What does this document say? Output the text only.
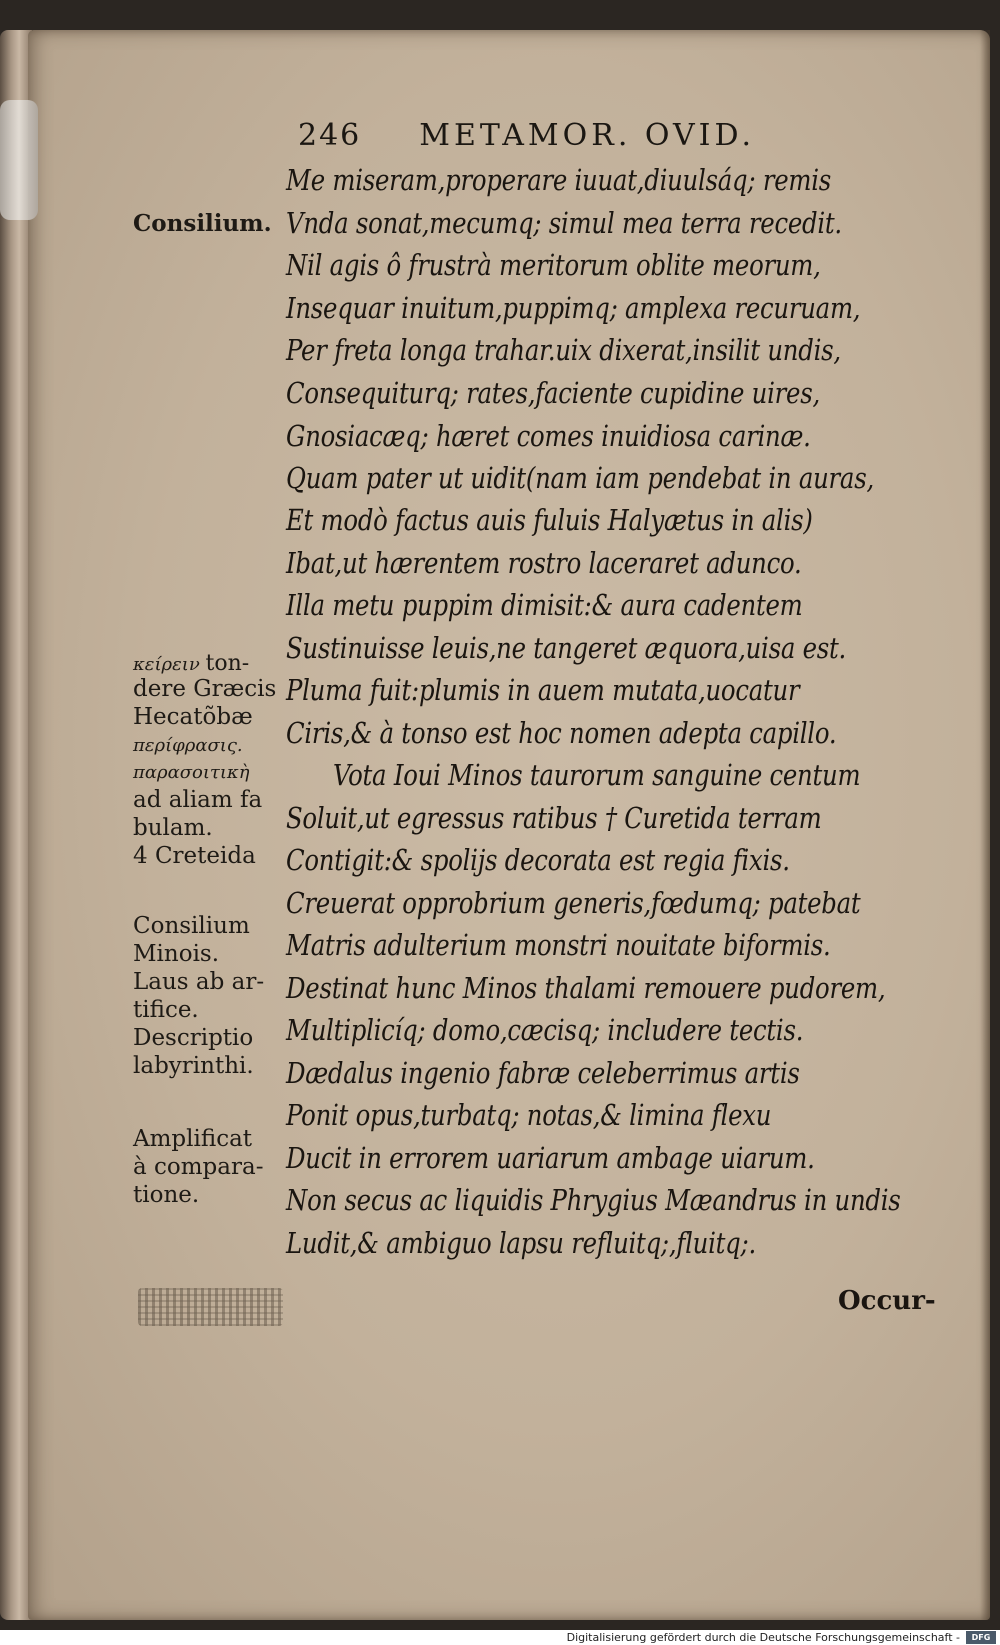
246 METAMOR. OVID.
Me miseram,properare iuuat,diuulsáq; remis
Vnda sonat,mecumq; simul mea terra recedit.
Nil agis ô frustrà meritorum oblite meorum,
Insequar inuitum,puppimq; amplexa recuruam,
Per freta longa trahar.uix dixerat,insilit undis,
Consequiturq; rates,faciente cupidine uires,
Gnosiacæq; hæret comes inuidiosa carinæ.
Quam pater ut uidit(nam iam pendebat in auras,
Et modò factus auis fuluis Halyætus in alis)
Ibat,ut hærentem rostro laceraret adunco.
Illa metu puppim dimisit:& aura cadentem
Sustinuisse leuis,ne tangeret æquora,uisa est.
Pluma fuit:plumis in auem mutata,uocatur
Ciris,& à tonso est hoc nomen adepta capillo.
Vota Ioui Minos taurorum sanguine centum
Soluit,ut egressus ratibus † Curetida terram
Contigit:& spolijs decorata est regia fixis.
Creuerat opprobrium generis,fœdumq; patebat
Matris adulterium monstri nouitate biformis.
Destinat hunc Minos thalami remouere pudorem,
Multiplicíq; domo,cæcisq; includere tectis.
Dædalus ingenio fabræ celeberrimus artis
Ponit opus,turbatq; notas,& limina flexu
Ducit in errorem uariarum ambage uiarum.
Non secus ac liquidis Phrygius Mæandrus in undis
Ludit,& ambiguo lapsu refluitq;,fluitq;.
Consilium.
κείρειν ton-
dere Græcis
Hecatõbæ
περίφρασις.
παρασοιτικὴ
ad aliam fa
bulam.
4 Creteida
Consilium
Minois.
Laus ab ar-
tifice.
Descriptio
labyrinthi.
Amplificat
à compara-
tione.
Occur-
Digitalisierung gefördert durch die Deutsche Forschungsgemeinschaft -	DFG
